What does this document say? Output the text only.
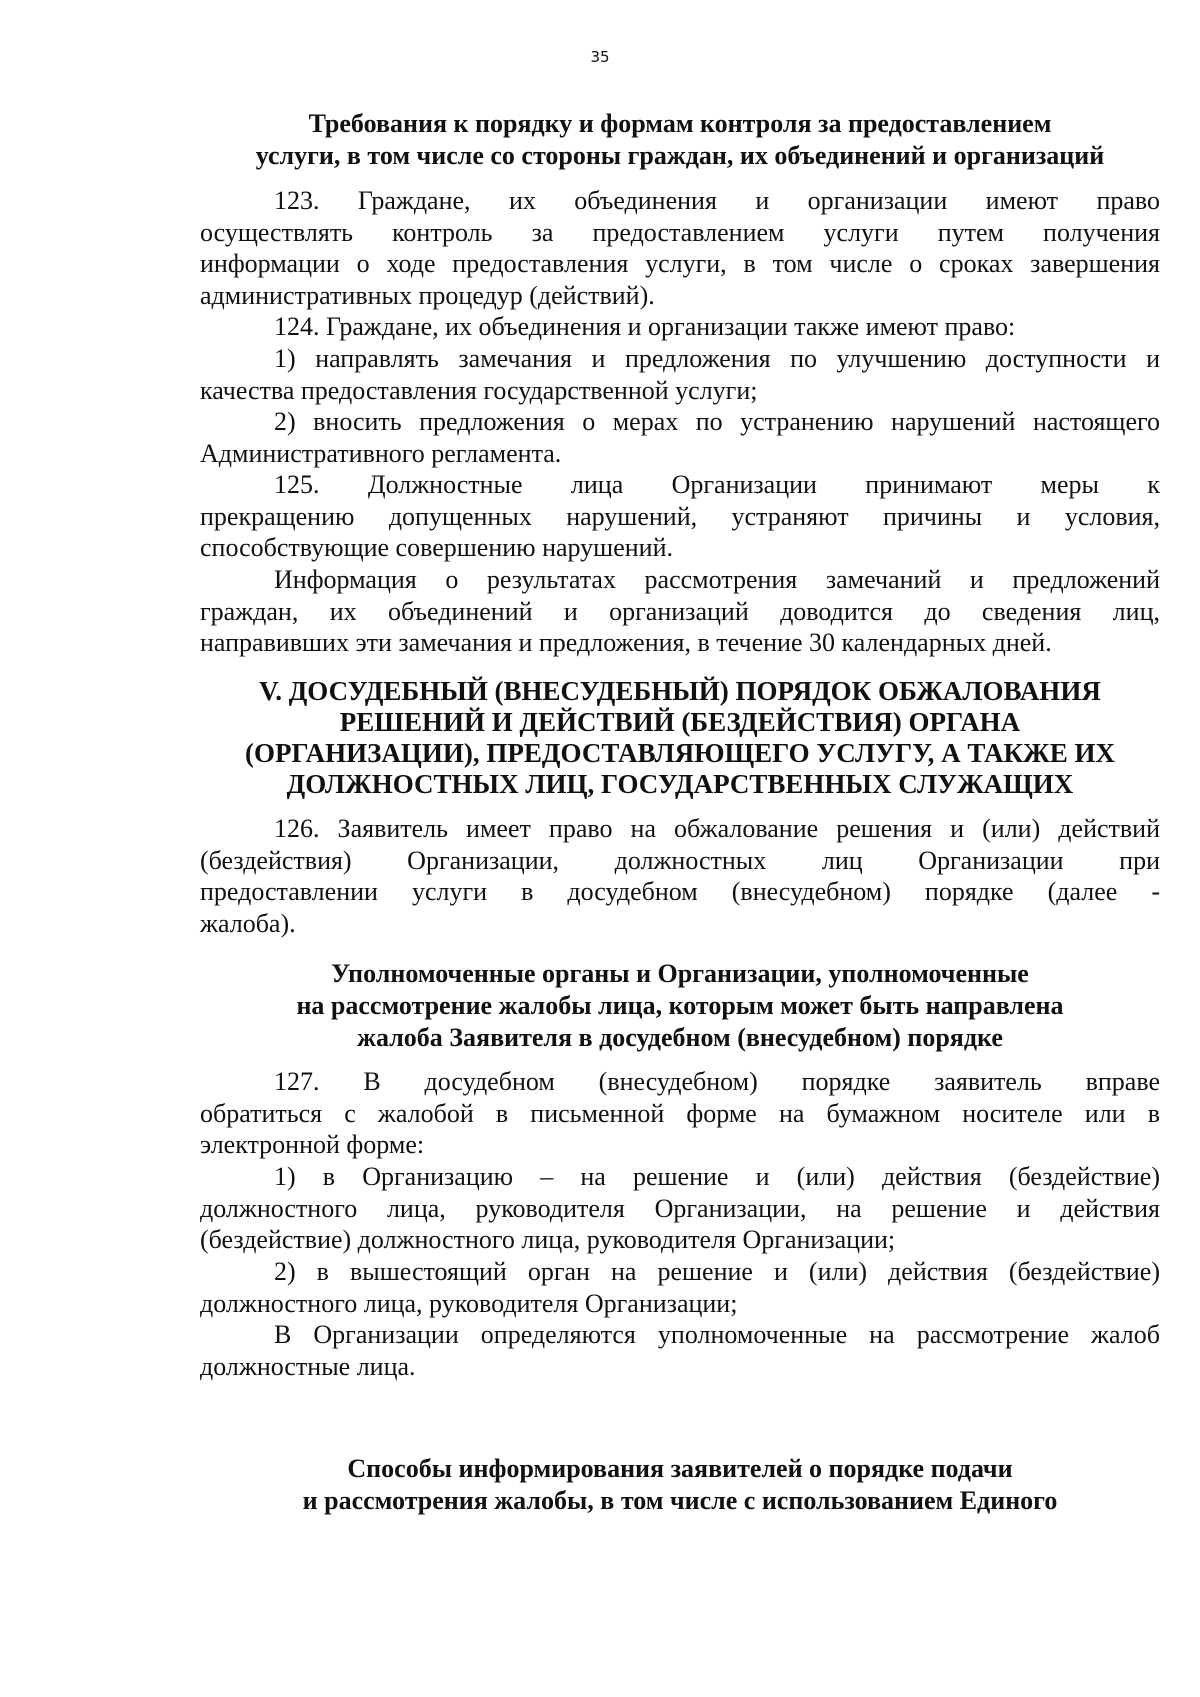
35
Требования к порядку и формам контроля за предоставлением
услуги, в том числе со стороны граждан, их объединений и организаций
123. Граждане, их объединения и организации имеют право
осуществлять контроль за предоставлением услуги путем получения
информации о ходе предоставления услуги, в том числе о сроках завершения
административных процедур (действий).
124. Граждане, их объединения и организации также имеют право:
1) направлять замечания и предложения по улучшению доступности и
качества предоставления государственной услуги;
2) вносить предложения о мерах по устранению нарушений настоящего
Административного регламента.
125. Должностные лица Организации принимают меры к
прекращению допущенных нарушений, устраняют причины и условия,
способствующие совершению нарушений.
Информация о результатах рассмотрения замечаний и предложений
граждан, их объединений и организаций доводится до сведения лиц,
направивших эти замечания и предложения, в течение 30 календарных дней.
V. ДОСУДЕБНЫЙ (ВНЕСУДЕБНЫЙ) ПОРЯДОК ОБЖАЛОВАНИЯ
РЕШЕНИЙ И ДЕЙСТВИЙ (БЕЗДЕЙСТВИЯ) ОРГАНА
(ОРГАНИЗАЦИИ), ПРЕДОСТАВЛЯЮЩЕГО УСЛУГУ, А ТАКЖЕ ИХ
ДОЛЖНОСТНЫХ ЛИЦ, ГОСУДАРСТВЕННЫХ СЛУЖАЩИХ
126. Заявитель имеет право на обжалование решения и (или) действий
(бездействия) Организации, должностных лиц Организации при
предоставлении услуги в досудебном (внесудебном) порядке (далее -
жалоба).
Уполномоченные органы и Организации, уполномоченные
на рассмотрение жалобы лица, которым может быть направлена
жалоба Заявителя в досудебном (внесудебном) порядке
127. В досудебном (внесудебном) порядке заявитель вправе
обратиться с жалобой в письменной форме на бумажном носителе или в
электронной форме:
1) в Организацию – на решение и (или) действия (бездействие)
должностного лица, руководителя Организации, на решение и действия
(бездействие) должностного лица, руководителя Организации;
2) в вышестоящий орган на решение и (или) действия (бездействие)
должностного лица, руководителя Организации;
В Организации определяются уполномоченные на рассмотрение жалоб
должностные лица.
Способы информирования заявителей о порядке подачи
и рассмотрения жалобы, в том числе с использованием Единого
